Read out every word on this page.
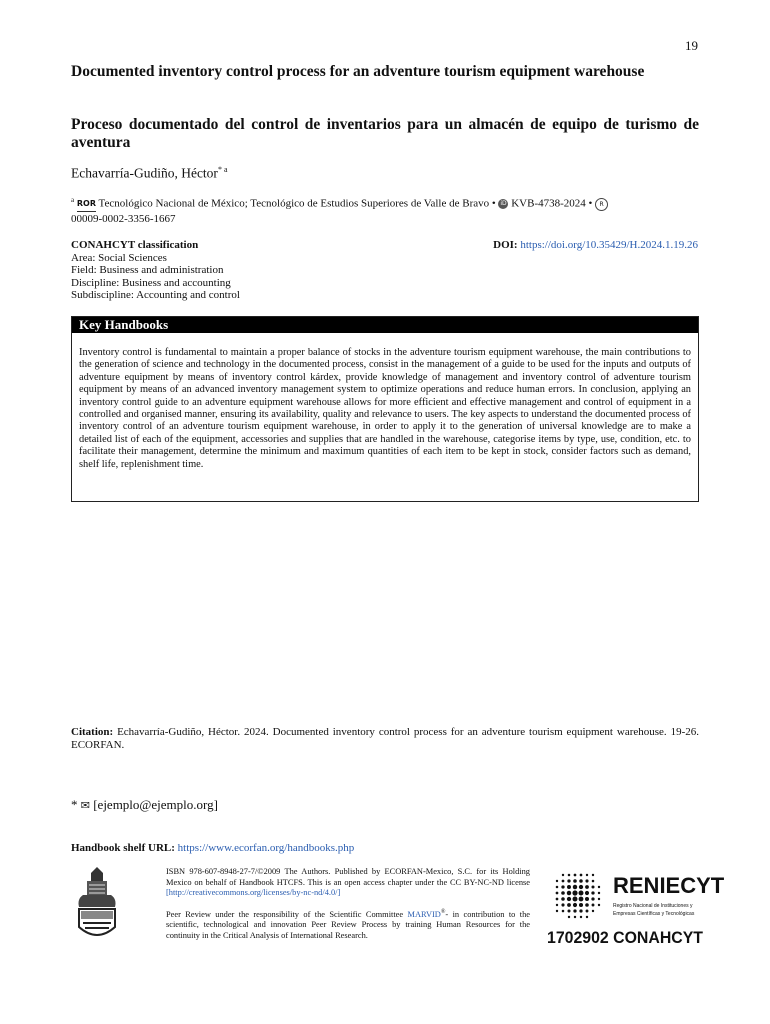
19
Documented inventory control process for an adventure tourism equipment warehouse
Proceso documentado del control de inventarios para un almacén de equipo de turismo de aventura
Echavarría-Gudiño, Héctor$^{* a}$
$^a$ ROR Tecnológico Nacional de México; Tecnológico de Estudios Superiores de Valle de Bravo • iD KVB-4738-2024 • R
00009-0002-3356-1667
CONAHCYT classification
Area: Social Sciences
Field: Business and administration
Discipline: Business and accounting
Subdiscipline: Accounting and control
DOI: https://doi.org/10.35429/H.2024.1.19.26
Key Handbooks
Inventory control is fundamental to maintain a proper balance of stocks in the adventure tourism equipment warehouse, the main contributions to the generation of science and technology in the documented process, consist in the management of a guide to be used for the inputs and outputs of adventure equipment by means of inventory control kárdex, provide knowledge of management and inventory control of adventure tourism equipment by means of an advanced inventory management system to optimize operations and reduce human errors. In conclusion, applying an inventory control guide to an adventure equipment warehouse allows for more efficient and effective management and control of equipment in a controlled and organised manner, ensuring its availability, quality and relevance to users. The key aspects to understand the documented process of inventory control of an adventure tourism equipment warehouse, in order to apply it to the generation of universal knowledge are to make a detailed list of each of the equipment, accessories and supplies that are handled in the warehouse, categorise items by type, use, condition, etc. to facilitate their management, determine the minimum and maximum quantities of each item to be kept in stock, consider factors such as demand, shelf life, replenishment time.
Citation: Echavarría-Gudiño, Héctor. 2024. Documented inventory control process for an adventure tourism equipment warehouse. 19-26. ECORFAN.
* ✉ [ejemplo@ejemplo.org]
Handbook shelf URL: https://www.ecorfan.org/handbooks.php

ISBN 978-607-8948-27-7/©2009 The Authors. Published by ECORFAN-Mexico, S.C. for its Holding Mexico on behalf of Handbook HTCFS. This is an open access chapter under the CC BY-NC-ND license [http://creativecommons.org/licenses/by-nc-nd/4.0/]

Peer Review under the responsibility of the Scientific Committee MARVID®- in contribution to the scientific, technological and innovation Peer Review Process by training Human Resources for the continuity in the Critical Analysis of International Research.

RENIECYT
Registro Nacional de Instituciones y
Empresas Científicas y Tecnológicas
1702902 CONAHCYT
